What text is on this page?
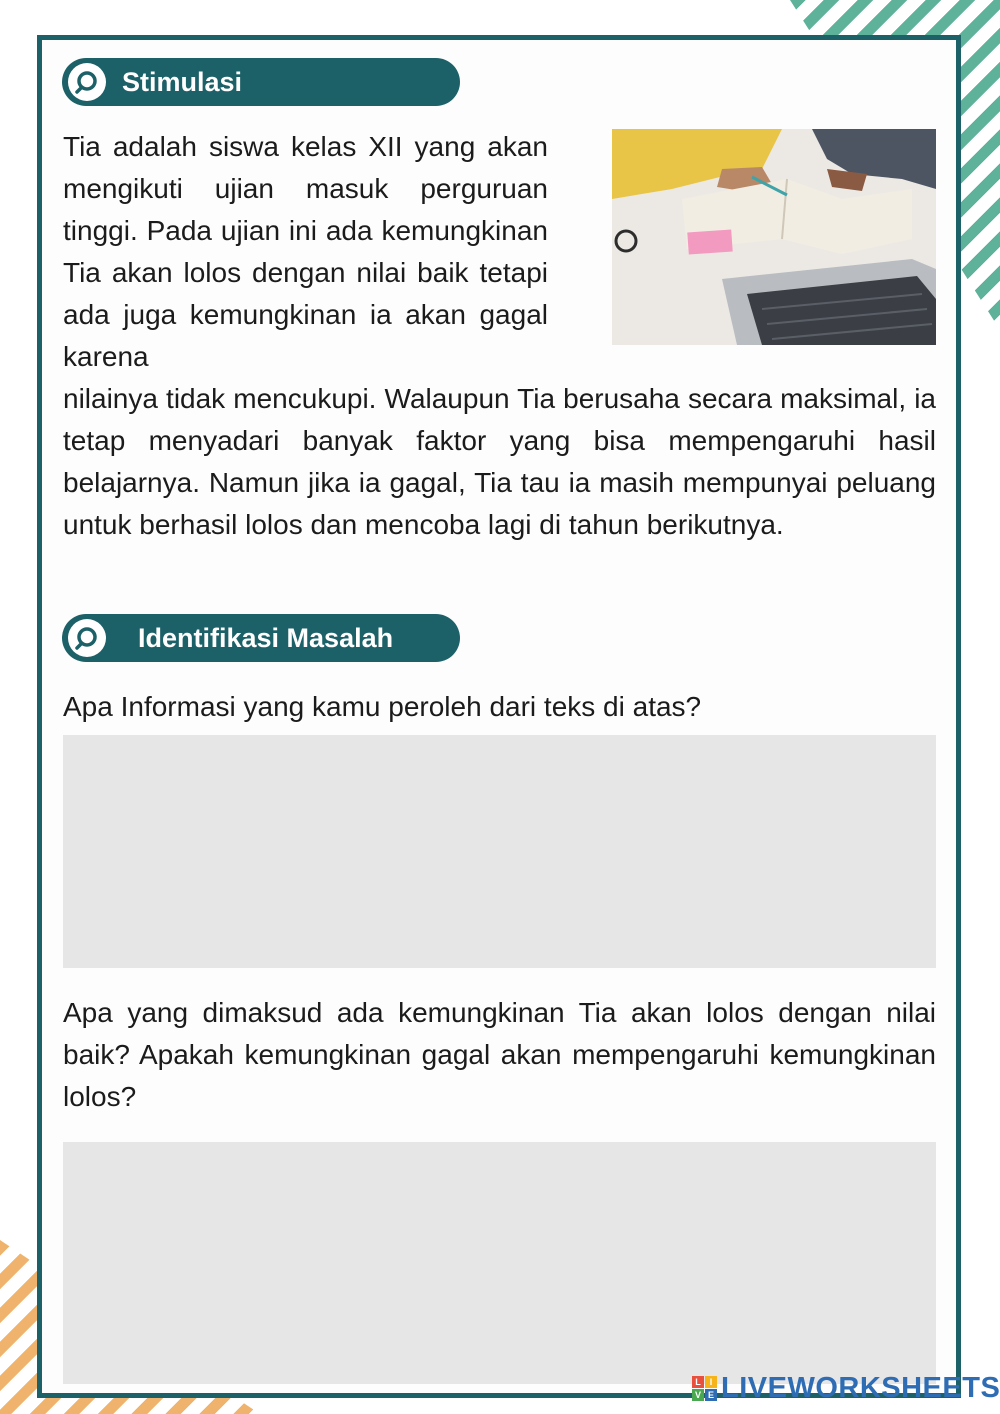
Stimulasi

Tia adalah siswa kelas XII yang akan mengikuti ujian masuk perguruan tinggi. Pada ujian ini ada kemungkinan Tia akan lolos dengan nilai baik tetapi ada juga kemungkinan ia akan gagal karena

nilainya tidak mencukupi. Walaupun Tia berusaha secara maksimal, ia tetap menyadari banyak faktor yang bisa mempengaruhi hasil belajarnya. Namun jika ia gagal, Tia tau ia masih mempunyai peluang untuk berhasil lolos dan mencoba lagi di tahun berikutnya.

Identifikasi Masalah

Apa Informasi yang kamu peroleh dari teks di atas?

Apa yang dimaksud ada kemungkinan Tia akan lolos dengan nilai baik? Apakah kemungkinan gagal akan mempengaruhi kemungkinan lolos?

L I
V E LIVEWORKSHEETS
